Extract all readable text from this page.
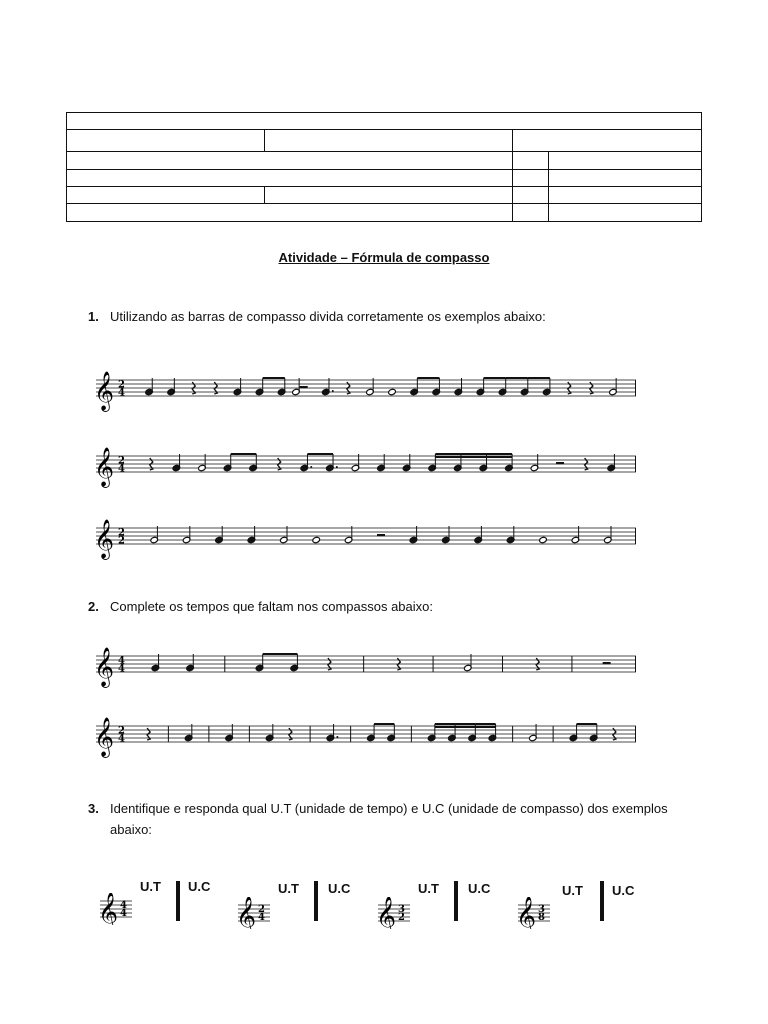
Atividade – Fórmula de compasso
1. Utilizando as barras de compasso divida corretamente os exemplos abaixo:
2. Complete os tempos que faltam nos compassos abaixo:
3. Identifique e responda qual U.T (unidade de tempo) e U.C (unidade de compasso) dos exemplos abaixo:
𝄞 2
4
𝄞 2
4
𝄞 2
2
𝄞 4
4
𝄞 2
4
𝄞 4
4
U.T U.C
𝄞 2
4
U.T U.C
𝄞 3
2
U.T U.C
𝄞 3
8
U.T U.C
